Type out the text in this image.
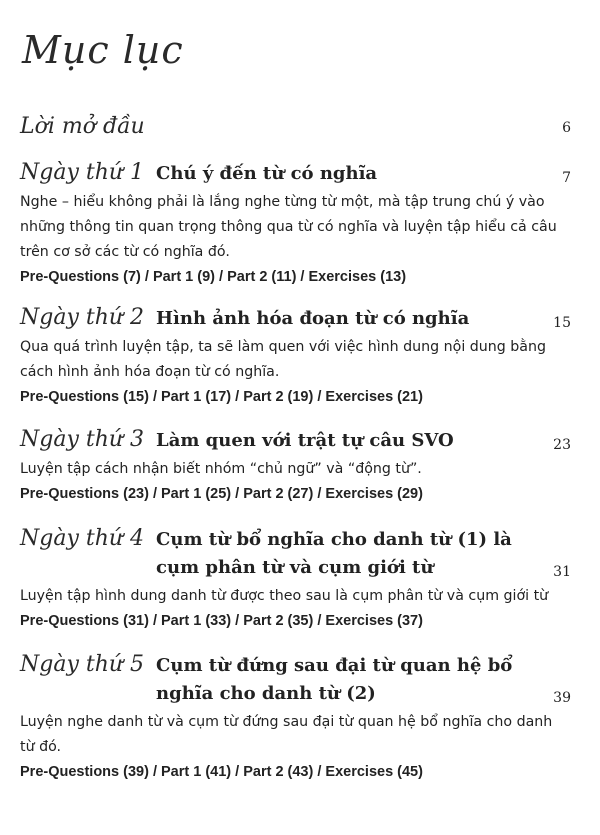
Mục lục
Lời mở đầu	6
Ngày thứ 1 Chú ý đến từ có nghĩa	7
Nghe – hiểu không phải là lắng nghe từng từ một, mà tập trung chú ý vào những thông tin quan trọng thông qua từ có nghĩa và luyện tập hiểu cả câu trên cơ sở các từ có nghĩa đó.
Pre-Questions (7) / Part 1 (9) / Part 2 (11) / Exercises (13)
Ngày thứ 2 Hình ảnh hóa đoạn từ có nghĩa	15
Qua quá trình luyện tập, ta sẽ làm quen với việc hình dung nội dung bằng cách hình ảnh hóa đoạn từ có nghĩa.
Pre-Questions (15) / Part 1 (17) / Part 2 (19) / Exercises (21)
Ngày thứ 3 Làm quen với trật tự câu SVO	23
Luyện tập cách nhận biết nhóm “chủ ngữ” và “động từ”.
Pre-Questions (23) / Part 1 (25) / Part 2 (27) / Exercises (29)
Ngày thứ 4 Cụm từ bổ nghĩa cho danh từ (1) là cụm phân từ và cụm giới từ	31
Luyện tập hình dung danh từ được theo sau là cụm phân từ và cụm giới từ
Pre-Questions (31) / Part 1 (33) / Part 2 (35) / Exercises (37)
Ngày thứ 5 Cụm từ đứng sau đại từ quan hệ bổ nghĩa cho danh từ (2)	39
Luyện nghe danh từ và cụm từ đứng sau đại từ quan hệ bổ nghĩa cho danh từ đó.
Pre-Questions (39) / Part 1 (41) / Part 2 (43) / Exercises (45)
